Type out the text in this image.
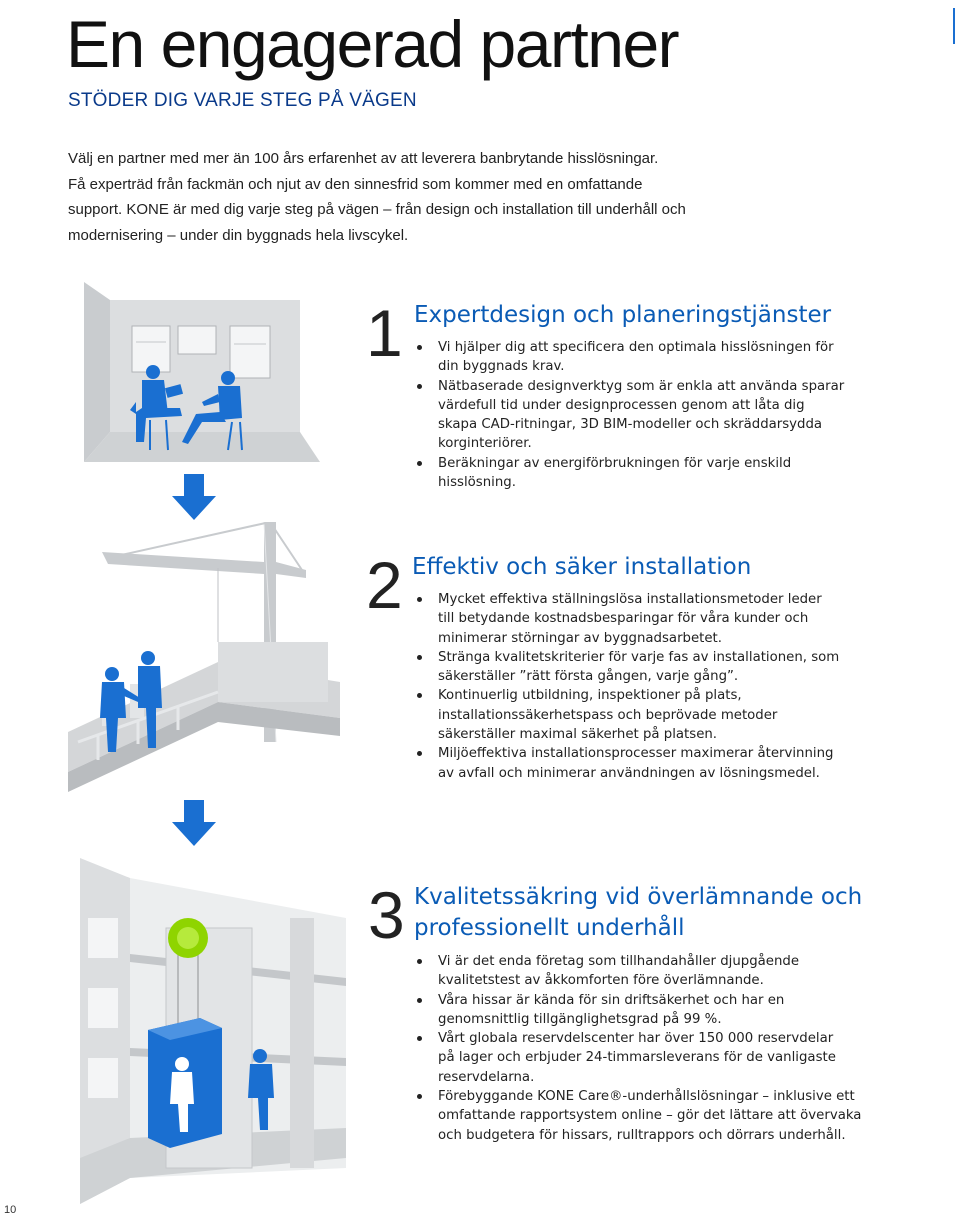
En engagerad partner
STÖDER DIG VARJE STEG PÅ VÄGEN

Välj en partner med mer än 100 års erfarenhet av att leverera banbrytande hisslösningar.
Få experträd från fackmän och njut av den sinnesfrid som kommer med en omfattande
support. KONE är med dig varje steg på vägen – från design och installation till underhåll och
modernisering – under din byggnads hela livscykel.

1 Expertdesign och planeringstjänster
Vi hjälper dig att specificera den optimala hisslösningen för
din byggnads krav.
Nätbaserade designverktyg som är enkla att använda sparar
värdefull tid under designprocessen genom att låta dig
skapa CAD-ritningar, 3D BIM-modeller och skräddarsydda
korginteriörer.
Beräkningar av energiförbrukningen för varje enskild
hisslösning.
2 Effektiv och säker installation
Mycket effektiva ställningslösa installationsmetoder leder
till betydande kostnadsbesparingar för våra kunder och
minimerar störningar av byggnadsarbetet.
Stränga kvalitetskriterier för varje fas av installationen, som
säkerställer ”rätt första gången, varje gång”.
Kontinuerlig utbildning, inspektioner på plats,
installationssäkerhetspass och beprövade metoder
säkerställer maximal säkerhet på platsen.
Miljöeffektiva installationsprocesser maximerar återvinning
av avfall och minimerar användningen av lösningsmedel.
3 Kvalitetssäkring vid överlämnande och
professionellt underhåll
Vi är det enda företag som tillhandahåller djupgående
kvalitetstest av åkkomforten före överlämnande.
Våra hissar är kända för sin driftsäkerhet och har en
genomsnittlig tillgänglighetsgrad på 99 %.
Vårt globala reservdelscenter har över 150 000 reservdelar
på lager och erbjuder 24-timmarsleverans för de vanligaste
reservdelarna.
Förebyggande KONE Care®-underhållslösningar – inklusive ett
omfattande rapportsystem online – gör det lättare att övervaka
och budgetera för hissars, rulltrappors och dörrars underhåll.
10
